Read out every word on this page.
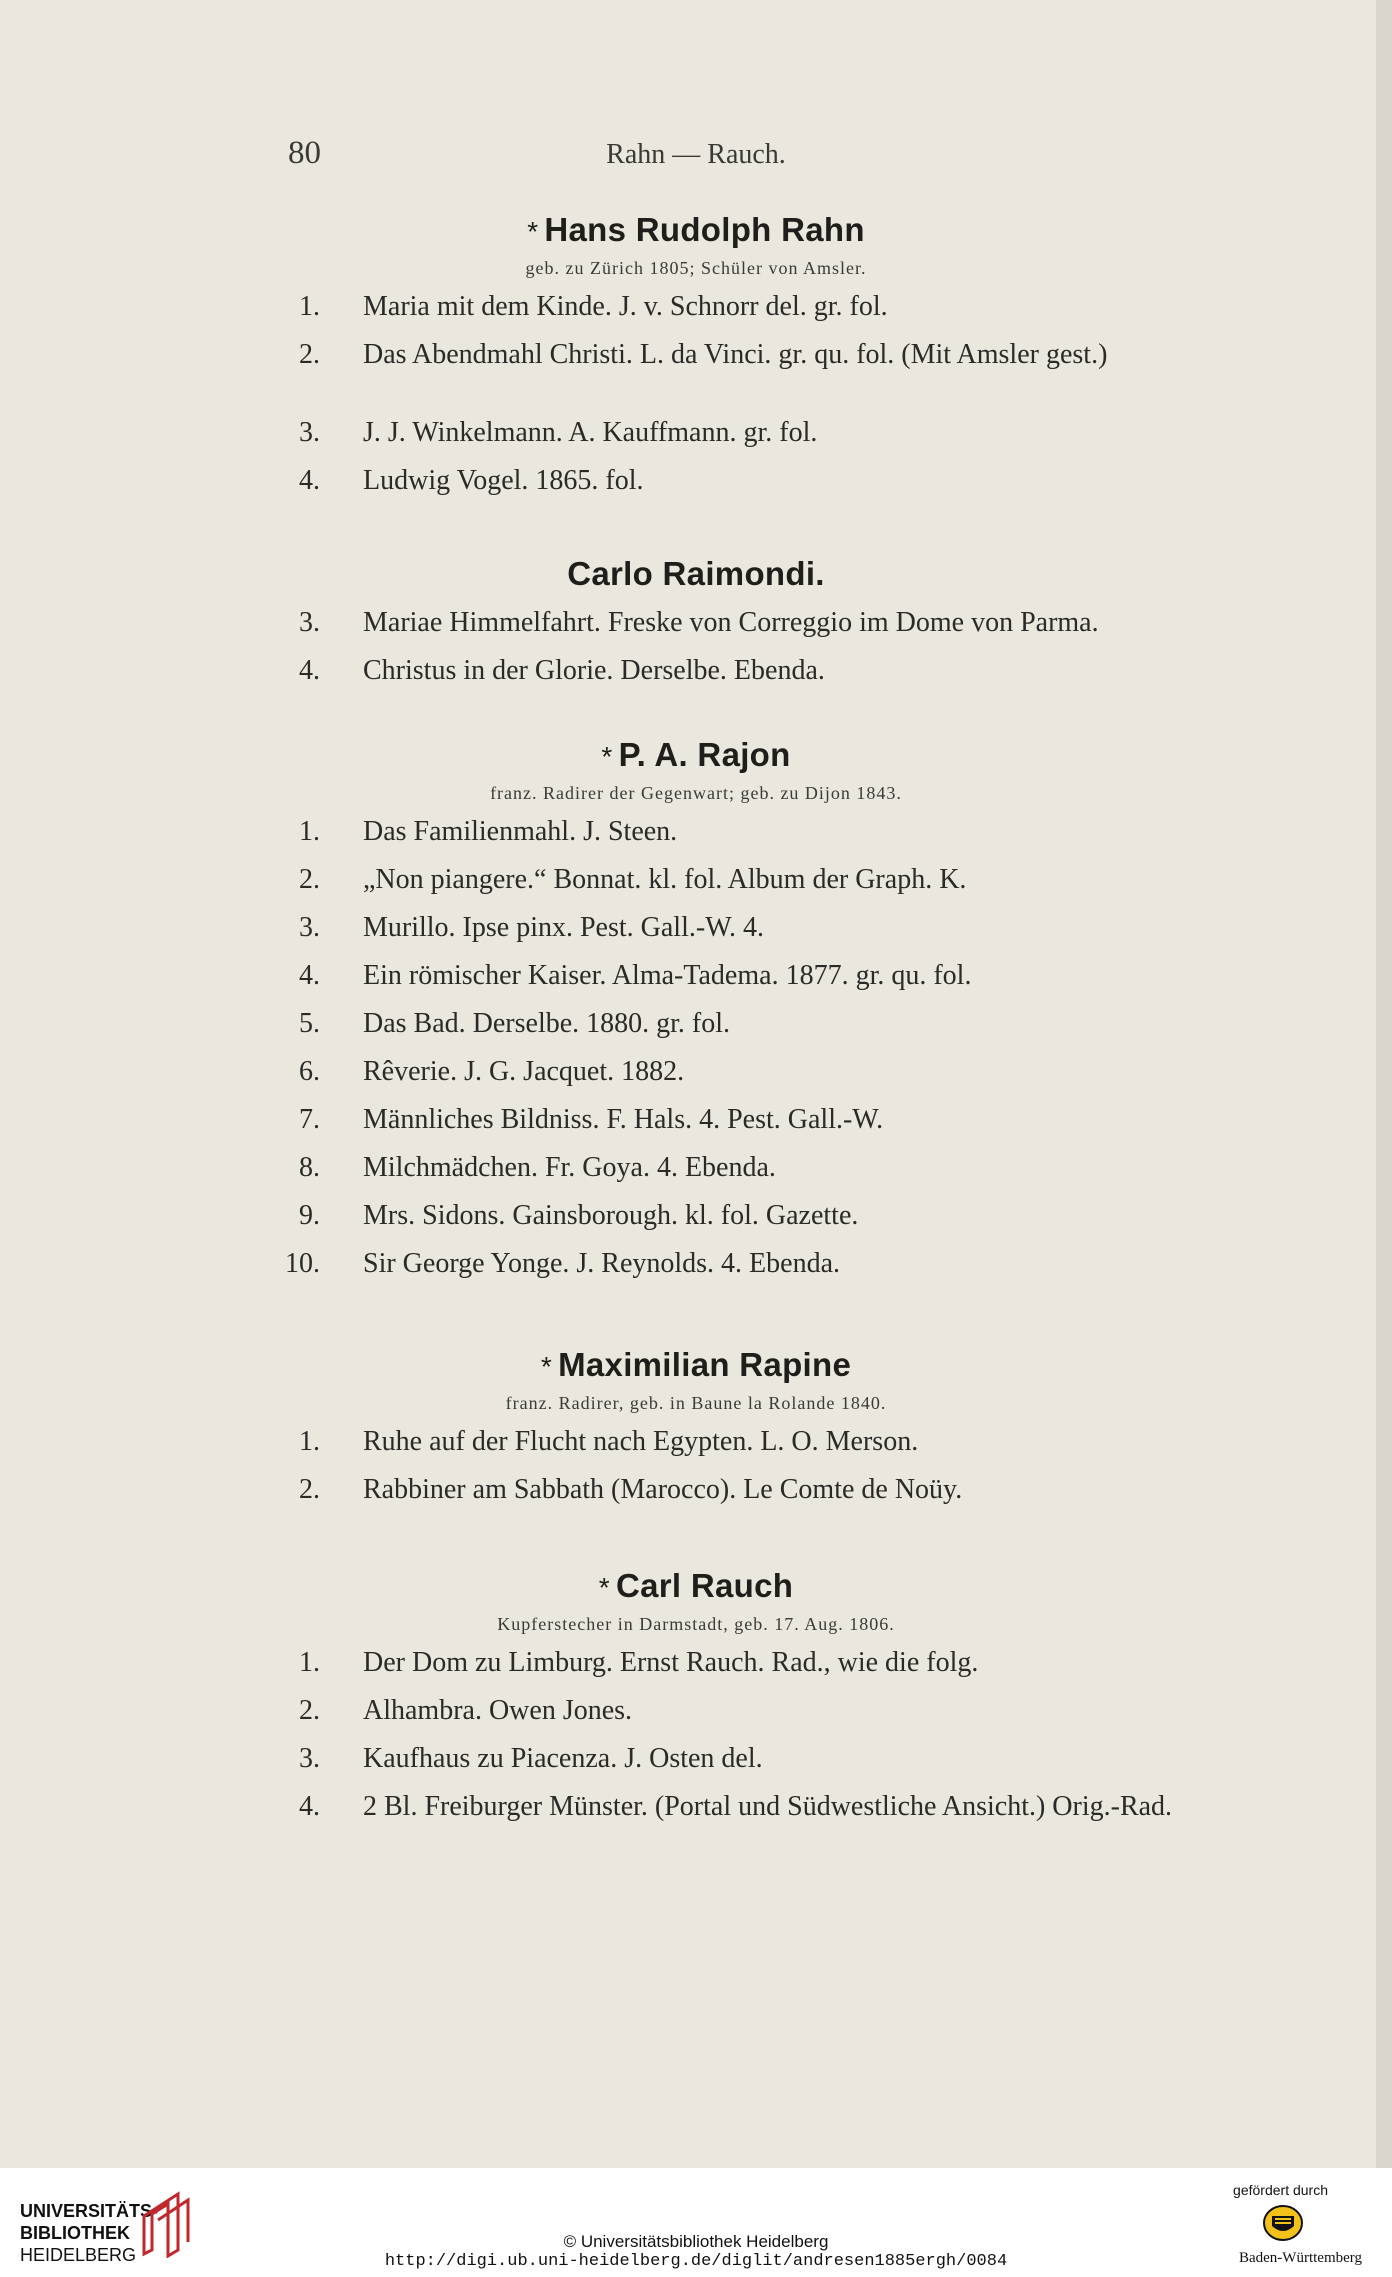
80	Rahn — Rauch.
* Hans Rudolph Rahn
geb. zu Zürich 1805; Schüler von Amsler.
1. Maria mit dem Kinde. J. v. Schnorr del. gr. fol.
2. Das Abendmahl Christi. L. da Vinci. gr. qu. fol. (Mit Amsler gest.)
3. J. J. Winkelmann. A. Kauffmann. gr. fol.
4. Ludwig Vogel. 1865. fol.
Carlo Raimondi.
3. Mariae Himmelfahrt. Freske von Correggio im Dome von Parma.
4. Christus in der Glorie. Derselbe. Ebenda.
* P. A. Rajon
franz. Radirer der Gegenwart; geb. zu Dijon 1843.
1. Das Familienmahl. J. Steen.
2. „Non piangere.“ Bonnat. kl. fol. Album der Graph. K.
3. Murillo. Ipse pinx. Pest. Gall.-W. 4.
4. Ein römischer Kaiser. Alma-Tadema. 1877. gr. qu. fol.
5. Das Bad. Derselbe. 1880. gr. fol.
6. Rêverie. J. G. Jacquet. 1882.
7. Männliches Bildniss. F. Hals. 4. Pest. Gall.-W.
8. Milchmädchen. Fr. Goya. 4. Ebenda.
9. Mrs. Sidons. Gainsborough. kl. fol. Gazette.
10. Sir George Yonge. J. Reynolds. 4. Ebenda.
* Maximilian Rapine
franz. Radirer, geb. in Baune la Rolande 1840.
1. Ruhe auf der Flucht nach Egypten. L. O. Merson.
2. Rabbiner am Sabbath (Marocco). Le Comte de Noüy.
* Carl Rauch
Kupferstecher in Darmstadt, geb. 17. Aug. 1806.
1. Der Dom zu Limburg. Ernst Rauch. Rad., wie die folg.
2. Alhambra. Owen Jones.
3. Kaufhaus zu Piacenza. J. Osten del.
4. 2 Bl. Freiburger Münster. (Portal und Südwestliche Ansicht.) Orig.-Rad.
UNIVERSITÄTS-
BIBLIOTHEK
HEIDELBERG
© Universitätsbibliothek Heidelberg
http://digi.ub.uni-heidelberg.de/diglit/andresen1885ergh/0084
gefördert durch
Baden-Württemberg
